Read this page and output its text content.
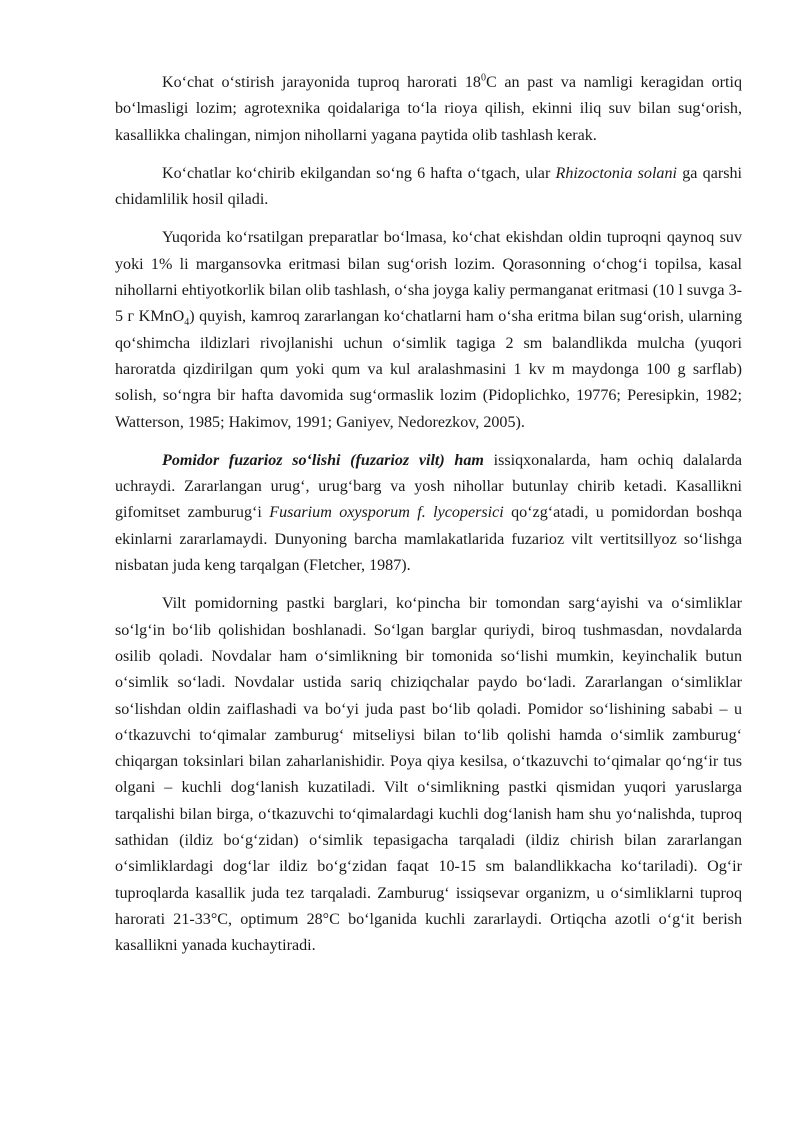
Koʻchat oʻstirish jarayonida tuproq harorati $18^0C$ an past va namligi keragidan ortiq boʻlmasligi lozim; agrotexnika qoidalariga toʻla rioya qilish, ekinni iliq suv bilan sugʻorish, kasallikka chalingan, nimjon nihollarni yagana paytida olib tashlash kerak.

Koʻchatlar koʻchirib ekilgandan soʻng 6 hafta oʻtgach, ular Rhizoctonia solani ga qarshi chidamlilik hosil qiladi.

Yuqorida koʻrsatilgan preparatlar boʻlmasa, koʻchat ekishdan oldin tuproqni qaynoq suv yoki 1% li margansovka eritmasi bilan sugʻorish lozim. Qorasonning oʻchogʻi topilsa, kasal nihollarni ehtiyotkorlik bilan olib tashlash, oʻsha joyga kaliy permanganat eritmasi (10 l suvga 3-5 г KMnO$_4$) quyish, kamroq zararlangan koʻchatlarni ham oʻsha eritma bilan sugʻorish, ularning qoʻshimcha ildizlari rivojlanishi uchun oʻsimlik tagiga 2 sm balandlikda mulcha (yuqori haroratda qizdirilgan qum yoki qum va kul aralashmasini 1 kv m maydonga 100 g sarflab) solish, soʻngra bir hafta davomida sugʻormaslik lozim (Pidoplichko, 19776; Peresipkin, 1982; Watterson, 1985; Hakimov, 1991; Ganiyev, Nedorezkov, 2005).

Pomidor fuzarioz soʻlishi (fuzarioz vilt) ham issiqxonalarda, ham ochiq dalalarda uchraydi. Zararlangan urugʻ, urugʻbarg va yosh nihollar butunlay chirib ketadi. Kasallikni gifomitset zamburugʻi Fusarium oxysporum f. lycopersici qoʻzgʻatadi, u pomidordan boshqa ekinlarni zararlamaydi. Dunyoning barcha mamlakatlarida fuzarioz vilt vertitsillyoz soʻlishga nisbatan juda keng tarqalgan (Fletcher, 1987).

Vilt pomidorning pastki barglari, koʻpincha bir tomondan sargʻayishi va oʻsimliklar soʻlgʻin boʻlib qolishidan boshlanadi. Soʻlgan barglar quriydi, biroq tushmasdan, novdalarda osilib qoladi. Novdalar ham oʻsimlikning bir tomonida soʻlishi mumkin, keyinchalik butun oʻsimlik soʻladi. Novdalar ustida sariq chiziqchalar paydo boʻladi. Zararlangan oʻsimliklar soʻlishdan oldin zaiflashadi va boʻyi juda past boʻlib qoladi. Pomidor soʻlishining sababi – u oʻtkazuvchi toʻqimalar zamburugʻ mitseliysi bilan toʻlib qolishi hamda oʻsimlik zamburugʻ chiqargan toksinlari bilan zaharlanishidir. Poya qiya kesilsa, oʻtkazuvchi toʻqimalar qoʻngʻir tus olgani – kuchli dogʻlanish kuzatiladi. Vilt oʻsimlikning pastki qismidan yuqori yaruslarga tarqalishi bilan birga, oʻtkazuvchi toʻqimalardagi kuchli dogʻlanish ham shu yoʻnalishda, tuproq sathidan (ildiz boʻgʻzidan) oʻsimlik tepasigacha tarqaladi (ildiz chirish bilan zararlangan oʻsimliklardagi dogʻlar ildiz boʻgʻzidan faqat 10-15 sm balandlikkacha koʻtariladi). Ogʻir tuproqlarda kasallik juda tez tarqaladi. Zamburugʻ issiqsevar organizm, u oʻsimliklarni tuproq harorati 21-33°C, optimum 28°C boʻlganida kuchli zararlaydi. Ortiqcha azotli oʻgʻit berish kasallikni yanada kuchaytiradi.
